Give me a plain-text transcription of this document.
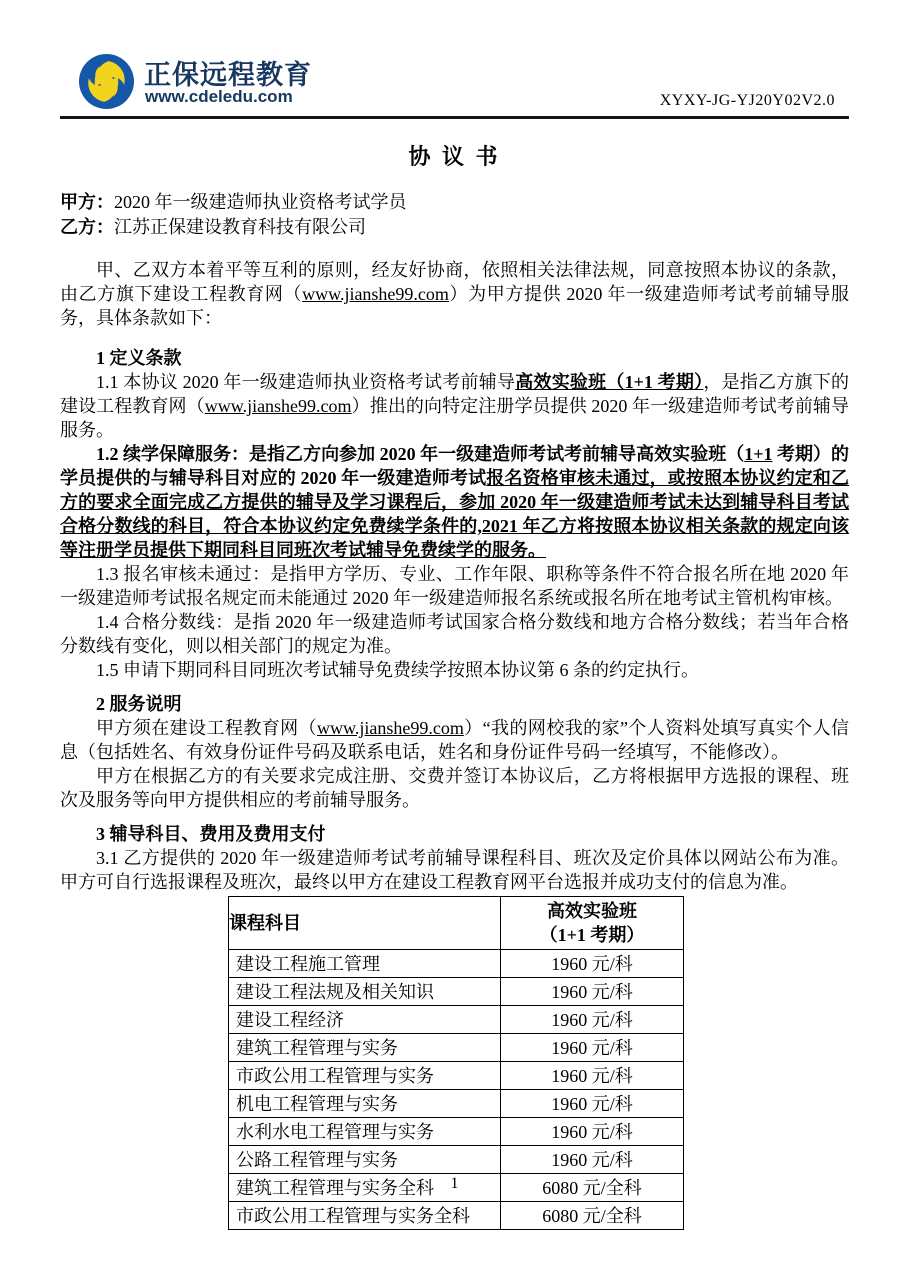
正保远程教育
www.cdeledu.com	XYXY-JG-YJ20Y02V2.0
协 议 书
甲方：2020 年一级建造师执业资格考试学员
乙方：江苏正保建设教育科技有限公司

甲、乙双方本着平等互利的原则，经友好协商，依照相关法律法规，同意按照本协议的条款，由乙方旗下建设工程教育网（www.jianshe99.com）为甲方提供 2020 年一级建造师考试考前辅导服务，具体条款如下：

1 定义条款

1.1 本协议 2020 年一级建造师执业资格考试考前辅导高效实验班（1+1 考期），是指乙方旗下的建设工程教育网（www.jianshe99.com）推出的向特定注册学员提供 2020 年一级建造师考试考前辅导服务。

1.2 续学保障服务：是指乙方向参加 2020 年一级建造师考试考前辅导高效实验班（1+1 考期）的学员提供的与辅导科目对应的 2020 年一级建造师考试报名资格审核未通过，或按照本协议约定和乙方的要求全面完成乙方提供的辅导及学习课程后，参加 2020 年一级建造师考试未达到辅导科目考试合格分数线的科目，符合本协议约定免费续学条件的,2021 年乙方将按照本协议相关条款的规定向该等注册学员提供下期同科目同班次考试辅导免费续学的服务。

1.3 报名审核未通过：是指甲方学历、专业、工作年限、职称等条件不符合报名所在地 2020 年一级建造师考试报名规定而未能通过 2020 年一级建造师报名系统或报名所在地考试主管机构审核。

1.4 合格分数线：是指 2020 年一级建造师考试国家合格分数线和地方合格分数线；若当年合格分数线有变化，则以相关部门的规定为准。

1.5 申请下期同科目同班次考试辅导免费续学按照本协议第 6 条的约定执行。

2 服务说明

甲方须在建设工程教育网（www.jianshe99.com）“我的网校我的家”个人资料处填写真实个人信息（包括姓名、有效身份证件号码及联系电话，姓名和身份证件号码一经填写，不能修改）。

甲方在根据乙方的有关要求完成注册、交费并签订本协议后，乙方将根据甲方选报的课程、班次及服务等向甲方提供相应的考前辅导服务。

3 辅导科目、费用及费用支付

3.1 乙方提供的 2020 年一级建造师考试考前辅导课程科目、班次及定价具体以网站公布为准。甲方可自行选报课程及班次，最终以甲方在建设工程教育网平台选报并成功支付的信息为准。

课程科目	高效实验班
（1+1 考期）

建设工程施工管理	1960 元/科
建设工程法规及相关知识	1960 元/科
建设工程经济	1960 元/科
建筑工程管理与实务	1960 元/科
市政公用工程管理与实务	1960 元/科
机电工程管理与实务	1960 元/科
水利水电工程管理与实务	1960 元/科
公路工程管理与实务	1960 元/科
建筑工程管理与实务全科	6080 元/全科
市政公用工程管理与实务全科	6080 元/全科
1
